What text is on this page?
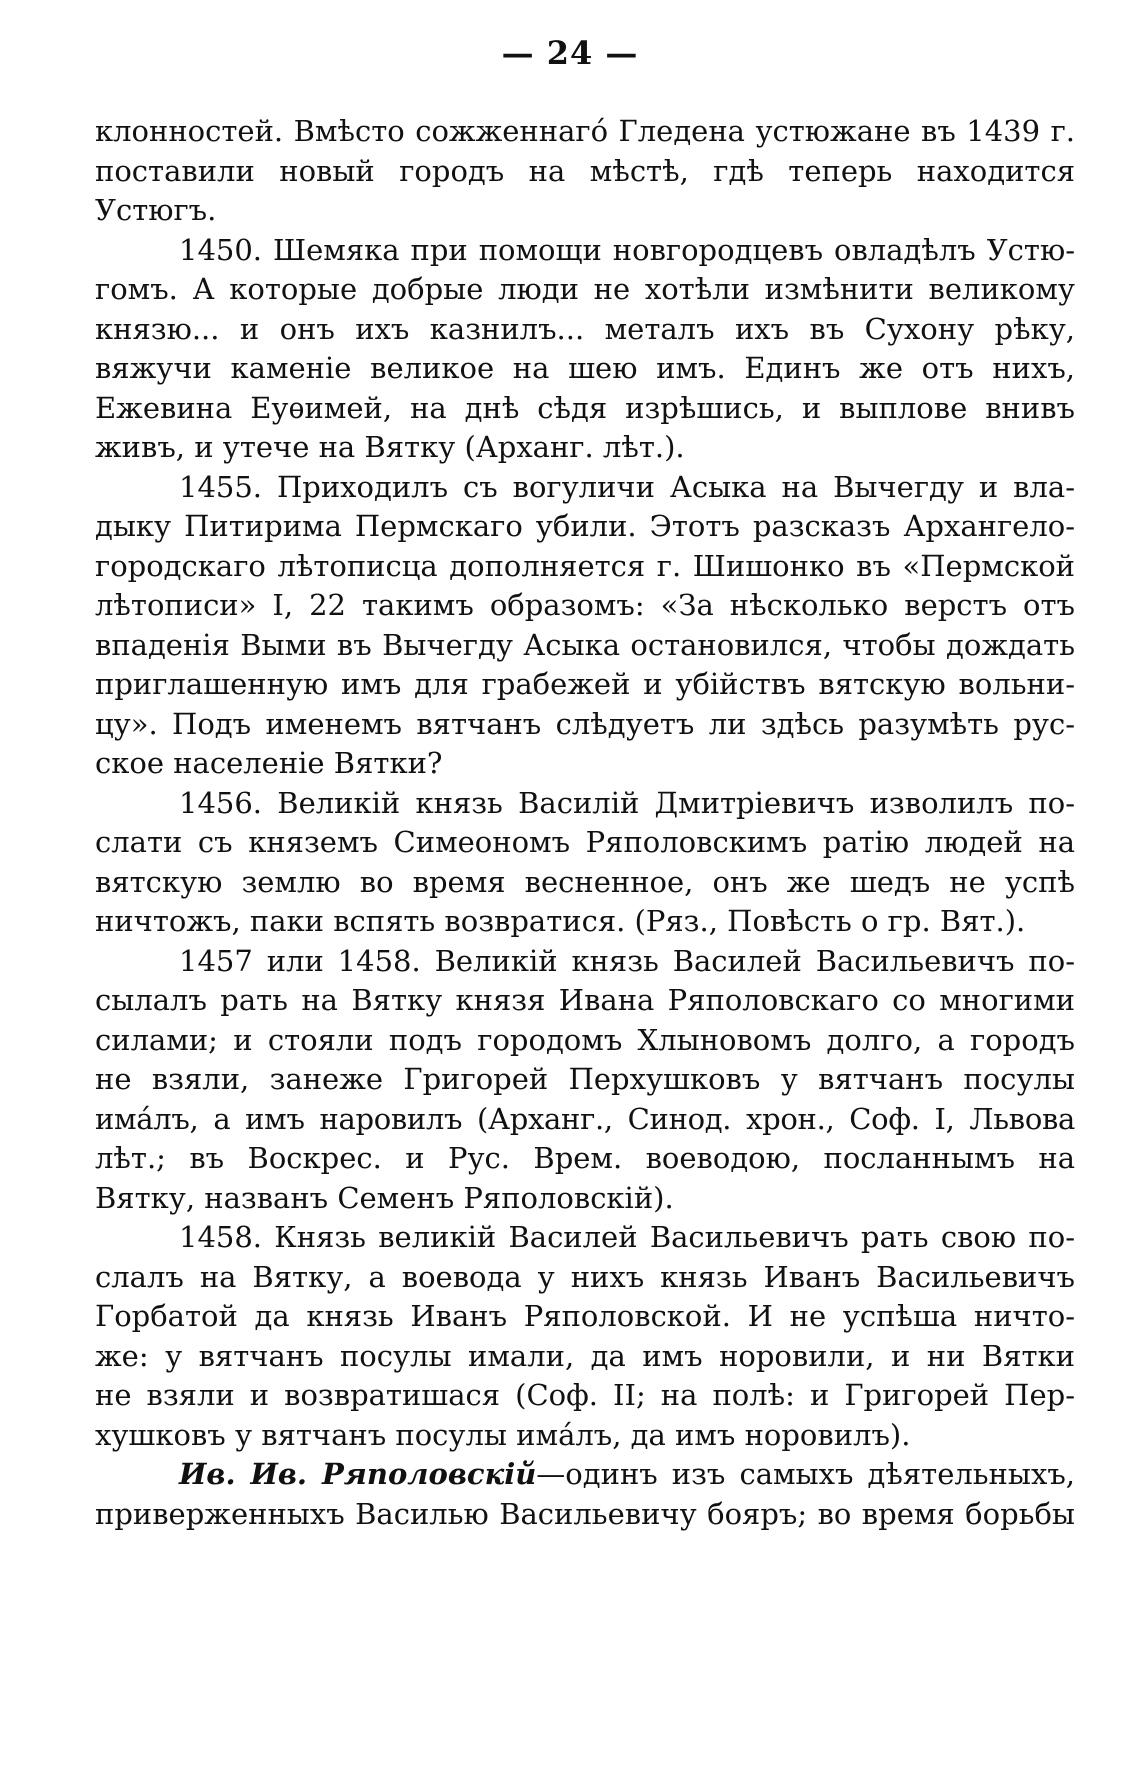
— 24 —
клонностей. Вмѣсто сожженнагó Гледена устюжане въ 1439 г.
поставили новый городъ на мѣстѣ, гдѣ теперь находится
Устюгъ.
1450. Шемяка при помощи новгородцевъ овладѣлъ Устю-
гомъ. А которые добрые люди не хотѣли измѣнити великому
князю... и онъ ихъ казнилъ... металъ ихъ въ Сухону рѣку,
вяжучи каменіе великое на шею имъ. Единъ же отъ нихъ,
Ежевина Еуѳимей, на днѣ сѣдя изрѣшись, и выплове внивъ
живъ, и утече на Вятку (Арханг. лѣт.).
1455. Приходилъ съ вогуличи Асыка на Вычегду и вла-
дыку Питирима Пермскаго убили. Этотъ разсказъ Архангело-
городскаго лѣтописца дополняется г. Шишонко въ «Пермской
лѣтописи» I, 22 такимъ образомъ: «За нѣсколько верстъ отъ
впаденія Выми въ Вычегду Асыка остановился, чтобы дождать
приглашенную имъ для грабежей и убійствъ вятскую вольни-
цу». Подъ именемъ вятчанъ слѣдуетъ ли здѣсь разумѣть рус-
ское населеніе Вятки?
1456. Великій князь Василій Дмитріевичъ изволилъ по-
слати съ княземъ Симеономъ Ряполовскимъ ратію людей на
вятскую землю во время весненное, онъ же шедъ не успѣ
ничтожъ, паки вспять возвратися. (Ряз., Повѣсть о гр. Вят.).
1457 или 1458. Великій князь Василей Васильевичъ по-
сылалъ рать на Вятку князя Ивана Ряполовскаго со многими
силами; и стояли подъ городомъ Хлыновомъ долго, а городъ
не взяли, занеже Григорей Перхушковъ у вятчанъ посулы
имáлъ, а имъ наровилъ (Арханг., Синод. хрон., Соф. I, Львова
лѣт.; въ Воскрес. и Рус. Врем. воеводою, посланнымъ на
Вятку, названъ Семенъ Ряполовскій).
1458. Князь великій Василей Васильевичъ рать свою по-
слалъ на Вятку, а воевода у нихъ князь Иванъ Васильевичъ
Горбатой да князь Иванъ Ряполовской. И не успѣша ничто-
же: у вятчанъ посулы имали, да имъ норовили, и ни Вятки
не взяли и возвратишася (Соф. II; на полѣ: и Григорей Пер-
хушковъ у вятчанъ посулы имáлъ, да имъ норовилъ).
Ив. Ив. Ряполовскій—одинъ изъ самыхъ дѣятельныхъ,
приверженныхъ Василью Васильевичу бояръ; во время борьбы
